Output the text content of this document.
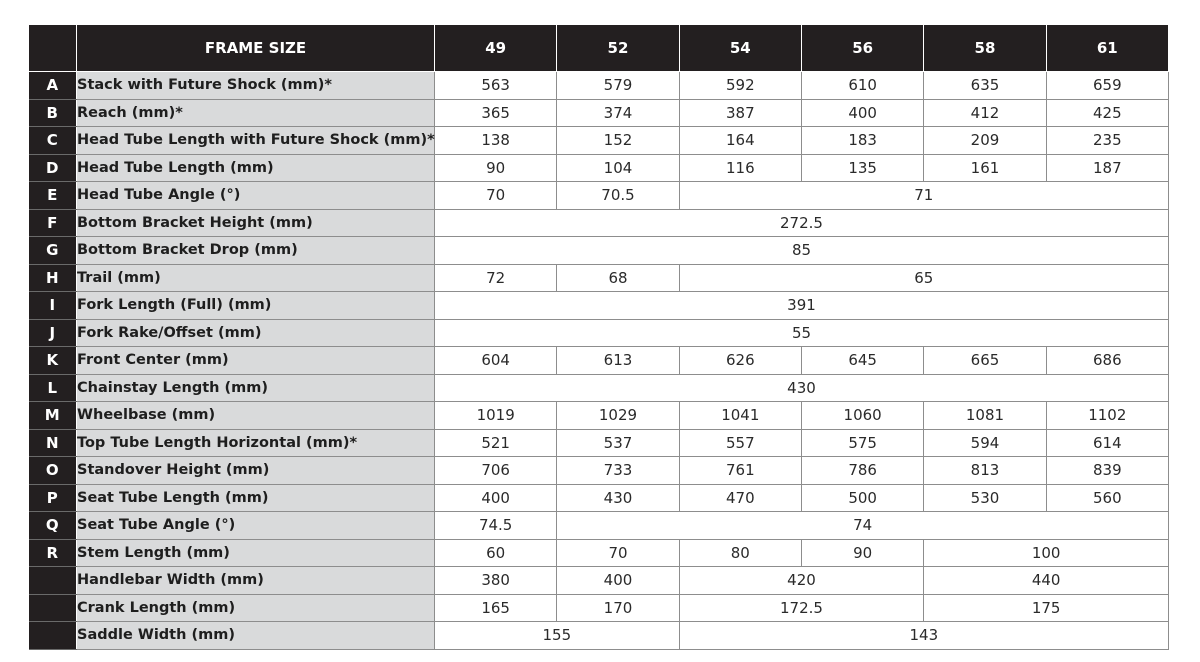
	FRAME SIZE	49	52	54	56	58	61
A	Stack with Future Shock (mm)*	563	579	592	610	635	659
B	Reach (mm)*	365	374	387	400	412	425
C	Head Tube Length with Future Shock (mm)*	138	152	164	183	209	235
D	Head Tube Length (mm)	90	104	116	135	161	187
E	Head Tube Angle (°)	70	70.5	71			
F	Bottom Bracket Height (mm)	272.5					
G	Bottom Bracket Drop (mm)	85					
H	Trail (mm)	72	68	65			
I	Fork Length (Full) (mm)	391					
J	Fork Rake/Offset (mm)	55					
K	Front Center (mm)	604	613	626	645	665	686
L	Chainstay Length (mm)	430					
M	Wheelbase (mm)	1019	1029	1041	1060	1081	1102
N	Top Tube Length Horizontal (mm)*	521	537	557	575	594	614
O	Standover Height (mm)	706	733	761	786	813	839
P	Seat Tube Length (mm)	400	430	470	500	530	560
Q	Seat Tube Angle (°)	74.5	74				
R	Stem Length (mm)	60	70	80	90	100	
	Handlebar Width (mm)	380	400	420		440	
	Crank Length (mm)	165	170	172.5		175	
	Saddle Width (mm)	155		143			
